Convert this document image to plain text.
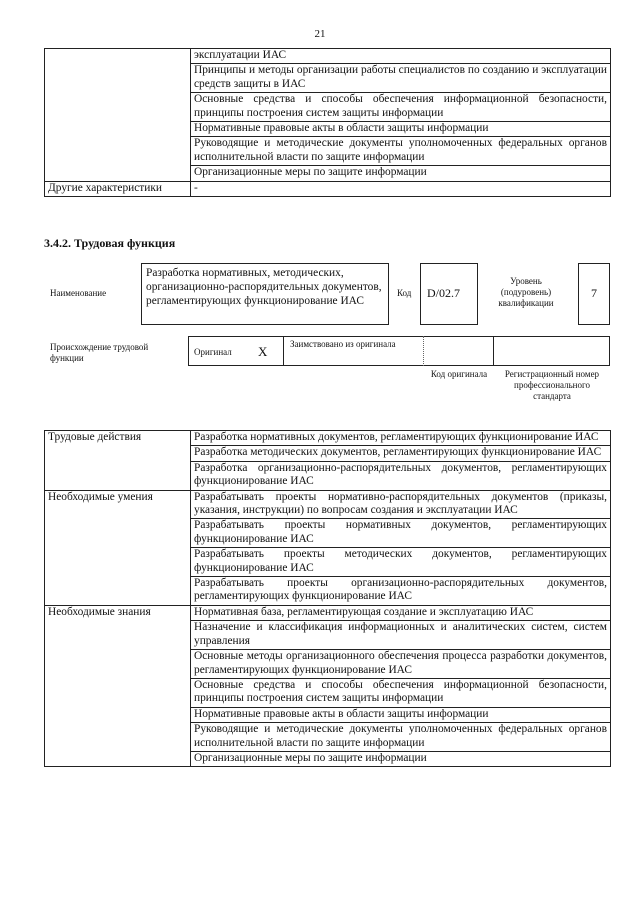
21
	эксплуатации ИАС
	Принципы и методы организации работы специалистов по созданию и эксплуатации средств защиты в ИАС
	Основные средства и способы обеспечения информационной безопасности, принципы построения систем защиты информации
	Нормативные правовые акты в области защиты информации
	Руководящие и методические документы уполномоченных федеральных органов исполнительной власти по защите информации
	Организационные меры по защите информации
Другие характеристики	-
3.4.2. Трудовая функция
Наименование
Разработка нормативных, методических, организационно-распорядительных документов, регламентирующих функционирование ИАС
Код	D/02.7
Уровень (подуровень) квалификации
7
Происхождение трудовой функции
Оригинал X	Заимствовано из оригинала
Код оригинала	Регистрационный номер профессионального стандарта
Трудовые действия	Разработка нормативных документов, регламентирующих функционирование ИАС
	Разработка методических документов, регламентирующих функционирование ИАС
	Разработка организационно-распорядительных документов, регламентирующих функционирование ИАС
Необходимые умения	Разрабатывать проекты нормативно-распорядительных документов (приказы, указания, инструкции) по вопросам создания и эксплуатации ИАС
	Разрабатывать проекты нормативных документов, регламентирующих функционирование ИАС
	Разрабатывать проекты методических документов, регламентирующих функционирование ИАС
	Разрабатывать проекты организационно-распорядительных документов, регламентирующих функционирование ИАС
Необходимые знания	Нормативная база, регламентирующая создание и эксплуатацию ИАС
	Назначение и классификация информационных и аналитических систем, систем управления
	Основные методы организационного обеспечения процесса разработки документов, регламентирующих функционирование ИАС
	Основные средства и способы обеспечения информационной безопасности, принципы построения систем защиты информации
	Нормативные правовые акты в области защиты информации
	Руководящие и методические документы уполномоченных федеральных органов исполнительной власти по защите информации
	Организационные меры по защите информации
